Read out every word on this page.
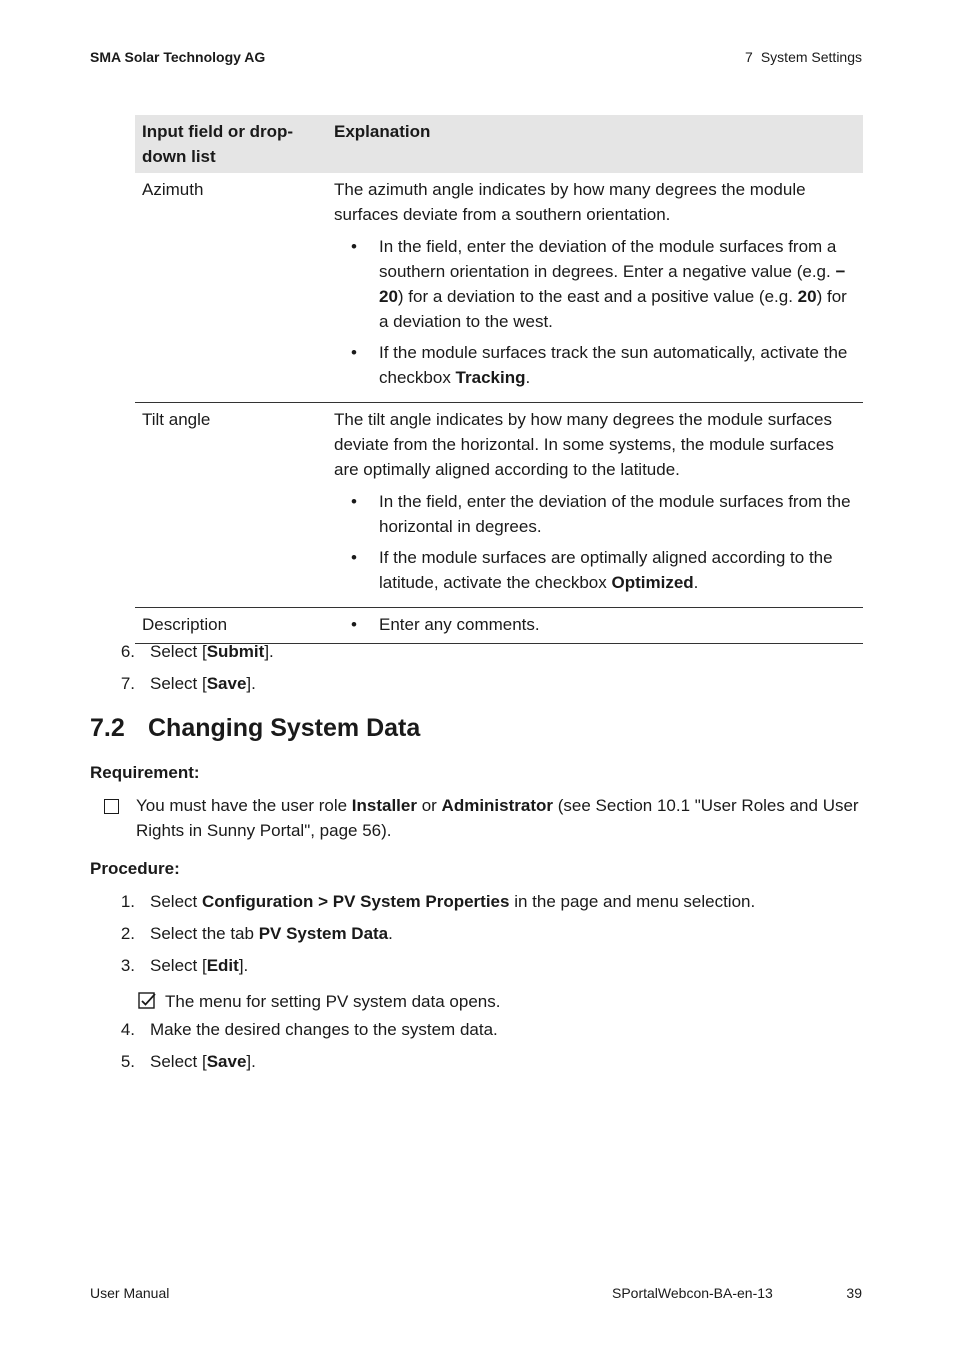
SMA Solar Technology AG	7 System Settings
Input field or drop-down list	Explanation
Azimuth	The azimuth angle indicates by how many degrees the module surfaces deviate from a southern orientation.

• In the field, enter the deviation of the module surfaces from a southern orientation in degrees. Enter a negative value (e.g. − 20) for a deviation to the east and a positive value (e.g. 20) for a deviation to the west.
• If the module surfaces track the sun automatically, activate the checkbox Tracking.

Tilt angle	The tilt angle indicates by how many degrees the module surfaces deviate from the horizontal. In some systems, the module surfaces are optimally aligned according to the latitude.

• In the field, enter the deviation of the module surfaces from the horizontal in degrees.
• If the module surfaces are optimally aligned according to the latitude, activate the checkbox Optimized.

Description	• Enter any comments.
6. Select [Submit].
7. Select [Save].
7.2 Changing System Data
Requirement:
You must have the user role Installer or Administrator (see Section 10.1 "User Roles and User Rights in Sunny Portal", page 56).
Procedure:
1. Select Configuration > PV System Properties in the page and menu selection.
2. Select the tab PV System Data.
3. Select [Edit].
The menu for setting PV system data opens.
4. Make the desired changes to the system data.
5. Select [Save].
User Manual	SPortalWebcon-BA-en-13	39
